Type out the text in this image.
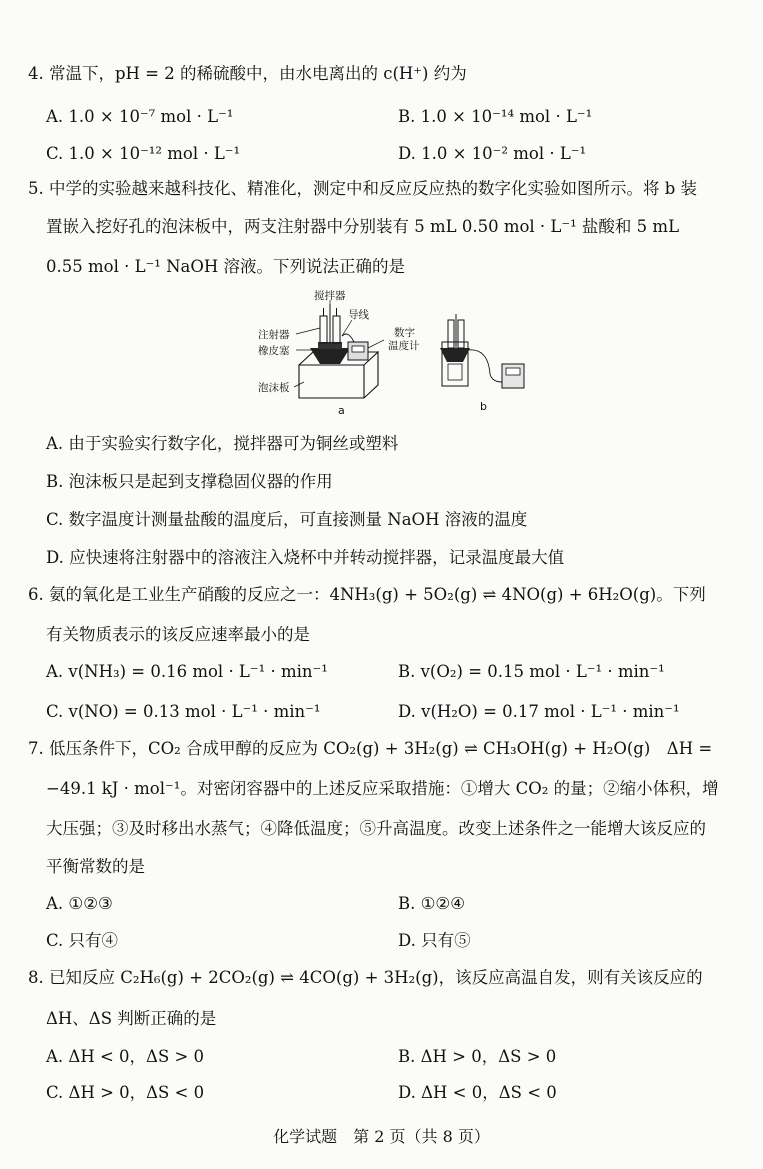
4. 常温下，pH = 2 的稀硫酸中，由水电离出的 c(H⁺) 约为
A. 1.0 × 10⁻⁷ mol · L⁻¹	B. 1.0 × 10⁻¹⁴ mol · L⁻¹
C. 1.0 × 10⁻¹² mol · L⁻¹	D. 1.0 × 10⁻² mol · L⁻¹
5. 中学的实验越来越科技化、精准化，测定中和反应反应热的数字化实验如图所示。将 b 装
置嵌入挖好孔的泡沫板中，两支注射器中分别装有 5 mL 0.50 mol · L⁻¹ 盐酸和 5 mL
0.55 mol · L⁻¹ NaOH 溶液。下列说法正确的是
A. 由于实验实行数字化，搅拌器可为铜丝或塑料
B. 泡沫板只是起到支撑稳固仪器的作用
C. 数字温度计测量盐酸的温度后，可直接测量 NaOH 溶液的温度
D. 应快速将注射器中的溶液注入烧杯中并转动搅拌器，记录温度最大值
6. 氨的氧化是工业生产硝酸的反应之一：4NH₃(g) + 5O₂(g) ⇌ 4NO(g) + 6H₂O(g)。下列
有关物质表示的该反应速率最小的是
A. v(NH₃) = 0.16 mol · L⁻¹ · min⁻¹	B. v(O₂) = 0.15 mol · L⁻¹ · min⁻¹
C. v(NO) = 0.13 mol · L⁻¹ · min⁻¹	D. v(H₂O) = 0.17 mol · L⁻¹ · min⁻¹
7. 低压条件下，CO₂ 合成甲醇的反应为 CO₂(g) + 3H₂(g) ⇌ CH₃OH(g) + H₂O(g)　ΔH =
−49.1 kJ · mol⁻¹。对密闭容器中的上述反应采取措施：①增大 CO₂ 的量；②缩小体积，增
大压强；③及时移出水蒸气；④降低温度；⑤升高温度。改变上述条件之一能增大该反应的
平衡常数的是
A. ①②③	B. ①②④
C. 只有④	D. 只有⑤
8. 已知反应 C₂H₆(g) + 2CO₂(g) ⇌ 4CO(g) + 3H₂(g)，该反应高温自发，则有关该反应的
ΔH、ΔS 判断正确的是
A. ΔH < 0，ΔS > 0	B. ΔH > 0，ΔS > 0
C. ΔH > 0，ΔS < 0	D. ΔH < 0，ΔS < 0
搅拌器
导线
注射器
橡皮塞
数字
温度计
泡沫板
a	b
化学试题　第 2 页（共 8 页）
